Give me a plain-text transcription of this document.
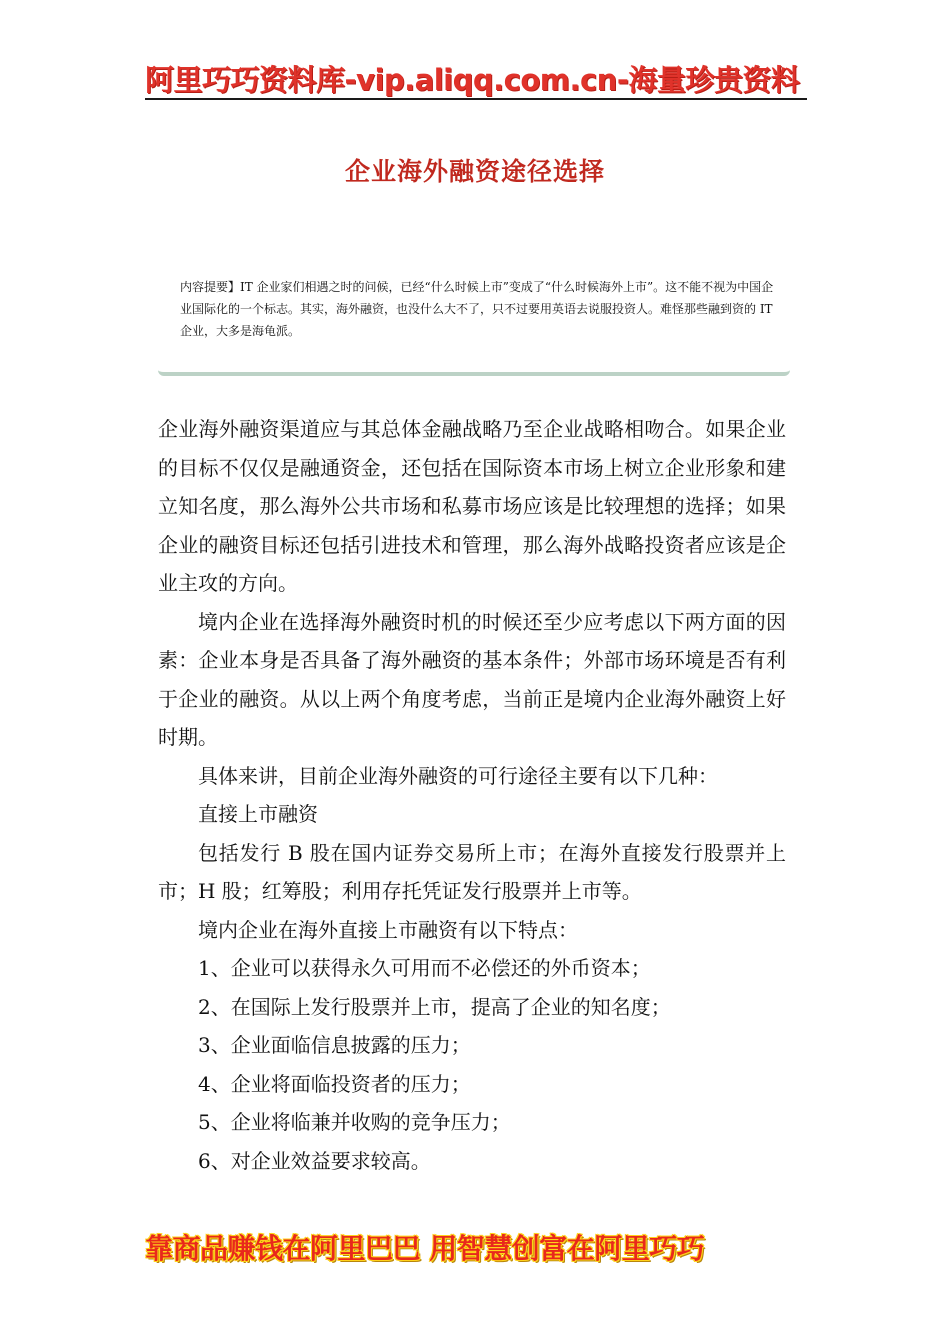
阿里巧巧资料库-vip.aliqq.com.cn-海量珍贵资料
企业海外融资途径选择
内容提要】IT 企业家们相遇之时的问候，已经“什么时候上市”变成了“什么时候海外上市”。这不能不视为中国企业国际化的一个标志。其实，海外融资，也没什么大不了，只不过要用英语去说服投资人。难怪那些融到资的 IT 企业，大多是海龟派。

企业海外融资渠道应与其总体金融战略乃至企业战略相吻合。如果企业的目标不仅仅是融通资金，还包括在国际资本市场上树立企业形象和建立知名度，那么海外公共市场和私募市场应该是比较理想的选择；如果企业的融资目标还包括引进技术和管理，那么海外战略投资者应该是企业主攻的方向。

境内企业在选择海外融资时机的时候还至少应考虑以下两方面的因素：企业本身是否具备了海外融资的基本条件；外部市场环境是否有利于企业的融资。从以上两个角度考虑，当前正是境内企业海外融资上好时期。

具体来讲，目前企业海外融资的可行途径主要有以下几种：

直接上市融资

包括发行 B 股在国内证券交易所上市；在海外直接发行股票并上市；H 股；红筹股；利用存托凭证发行股票并上市等。

境内企业在海外直接上市融资有以下特点：

1、企业可以获得永久可用而不必偿还的外币资本；

2、在国际上发行股票并上市，提高了企业的知名度；

3、企业面临信息披露的压力；

4、企业将面临投资者的压力；

5、企业将临兼并收购的竞争压力；

6、对企业效益要求较高。

靠商品赚钱在阿里巴巴 用智慧创富在阿里巧巧
